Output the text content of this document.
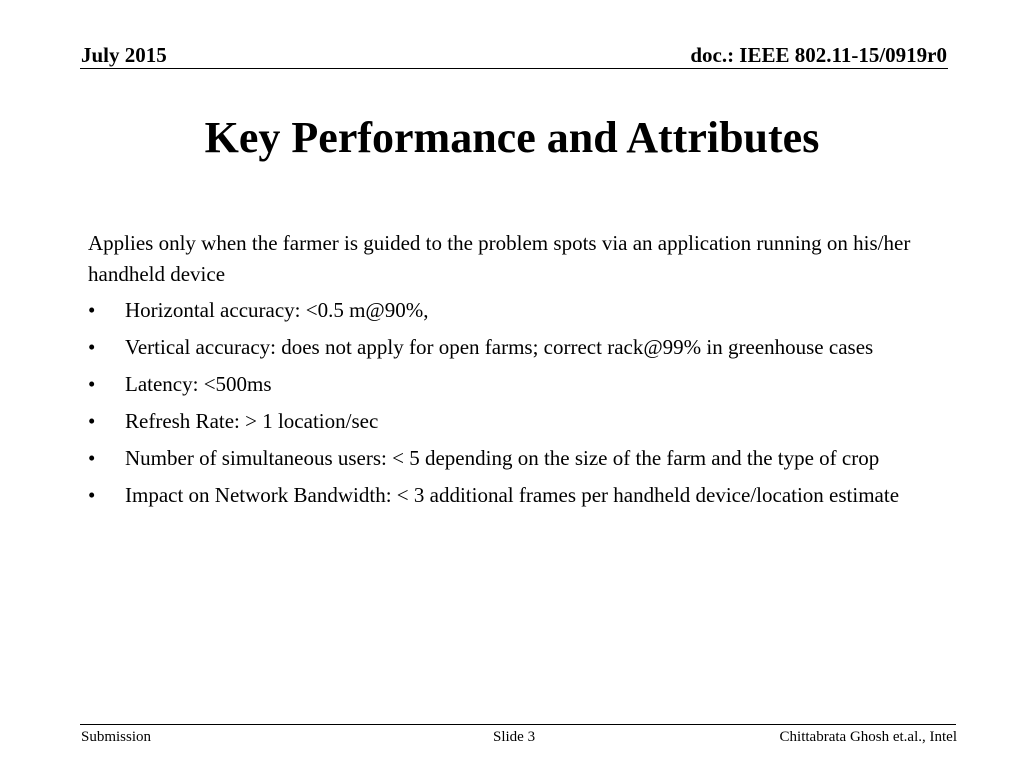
July 2015	doc.: IEEE 802.11-15/0919r0
Key Performance and Attributes

Applies only when the farmer is guided to the problem spots via an application running on his/her handheld device

• Horizontal accuracy: <0.5 m@90%,
• Vertical accuracy: does not apply for open farms; correct rack@99% in greenhouse cases
• Latency: <500ms
• Refresh Rate: > 1 location/sec
• Number of simultaneous users: < 5 depending on the size of the farm and the type of crop
• Impact on Network Bandwidth: < 3 additional frames per handheld device/location estimate
Submission	Slide 3	Chittabrata Ghosh et.al., Intel
